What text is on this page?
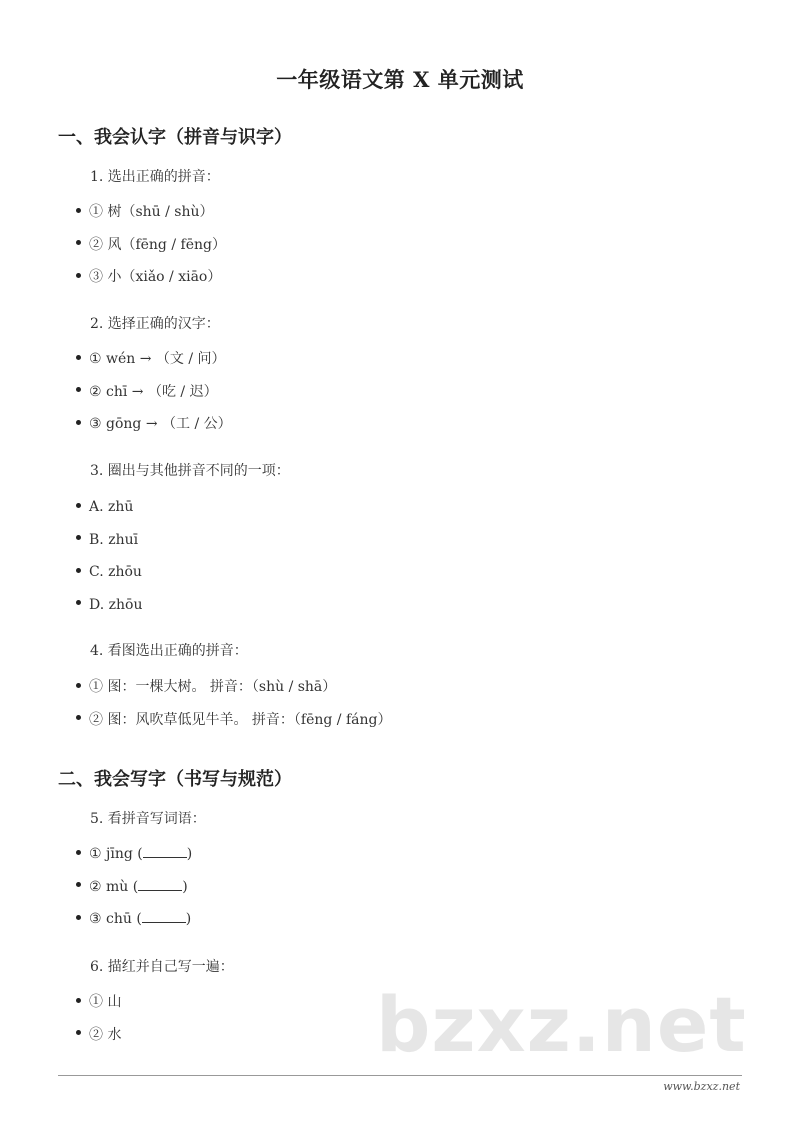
一年级语文第 X 单元测试
一、我会认字（拼音与识字）

1. 选出正确的拼音：

① 树（shū / shù）
② 风（fēng / fēng）
③ 小（xiǎo / xiāo）

2. 选择正确的汉字：

① wén → （文 / 问）
② chī → （吃 / 迟）
③ gōng → （工 / 公）

3. 圈出与其他拼音不同的一项：

A. zhū
B. zhuī
C. zhōu
D. zhōu

4. 看图选出正确的拼音：

① 图：一棵大树。 拼音：（shù / shā）
② 图：风吹草低见牛羊。 拼音：（fēng / fáng）
二、我会写字（书写与规范）

5. 看拼音写词语：

① jīng (	)
② mù (	)
③ chū (	)

6. 描红并自己写一遍：

① 山
② 水	bzxz.net

www.bzxz.net
